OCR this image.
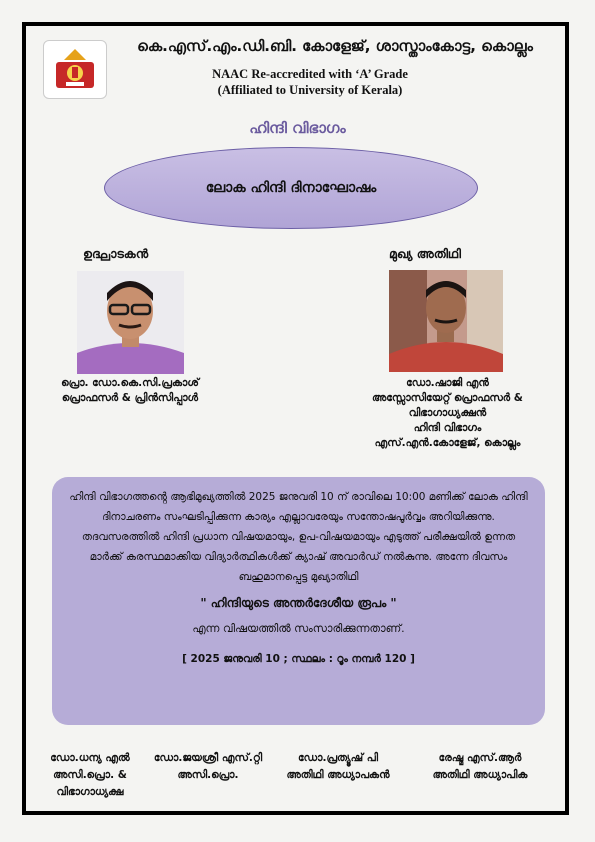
കെ.എസ്.എം.ഡി.ബി. കോളേജ്, ശാസ്താംകോട്ട, കൊല്ലം
NAAC Re-accredited with ‘A’ Grade
(Affiliated to University of Kerala)
ഹിന്ദി വിഭാഗം
ലോക ഹിന്ദി ദിനാഘോഷം
ഉദ്ഘാടകൻ
പ്രൊ. ഡോ.കെ.സി.പ്രകാശ്
പ്രൊഫസർ & പ്രിൻസിപ്പാൾ
മുഖ്യ അതിഥി
ഡോ.ഷാജി എൻ
അസ്സോസിയേറ്റ് പ്രൊഫസർ &
വിഭാഗാധ്യക്ഷൻ
ഹിന്ദി വിഭാഗം
എസ്.എൻ.കോളേജ്, കൊല്ലം
ഹിന്ദി വിഭാഗത്തൻ്റെ ആഭിമുഖ്യത്തിൽ 2025 ജനുവരി 10 ന് രാവിലെ 10:00 മണിക്ക് ലോക ഹിന്ദി ദിനാചരണം സംഘടിപ്പിക്കുന്ന കാര്യം എല്ലാവരേയും സന്തോഷപൂർവ്വം അറിയിക്കുന്നു. തദവസരത്തിൽ ഹിന്ദി പ്രധാന വിഷയമായും, ഉപ-വിഷയമായും എടുത്ത് പരീക്ഷയിൽ ഉന്നത മാർക്ക് കരസ്ഥമാക്കിയ വിദ്യാർത്ഥികൾക്ക് ക്യാഷ് അവാർഡ് നൽകുന്നു. അന്നേ ദിവസം ബഹുമാനപ്പെട്ട മുഖ്യാതിഥി
" ഹിന്ദിയുടെ അന്തർദേശീയ രൂപം "
എന്ന വിഷയത്തിൽ സംസാരിക്കുന്നതാണ്.
[ 2025 ജനുവരി 10 ; സ്ഥലം : റൂം നമ്പർ 120 ]
ഡോ.ധന്യ എൽ
അസി.പ്രൊ. &
വിഭാഗാധ്യക്ഷ
ഡോ.ജയശ്രീ എസ്.റ്റി
അസി.പ്രൊ.
ഡോ.പ്രത്യൂഷ് പി
അതിഥി അധ്യാപകൻ
രേഷ്മ എസ്.ആർ
അതിഥി അധ്യാപിക
